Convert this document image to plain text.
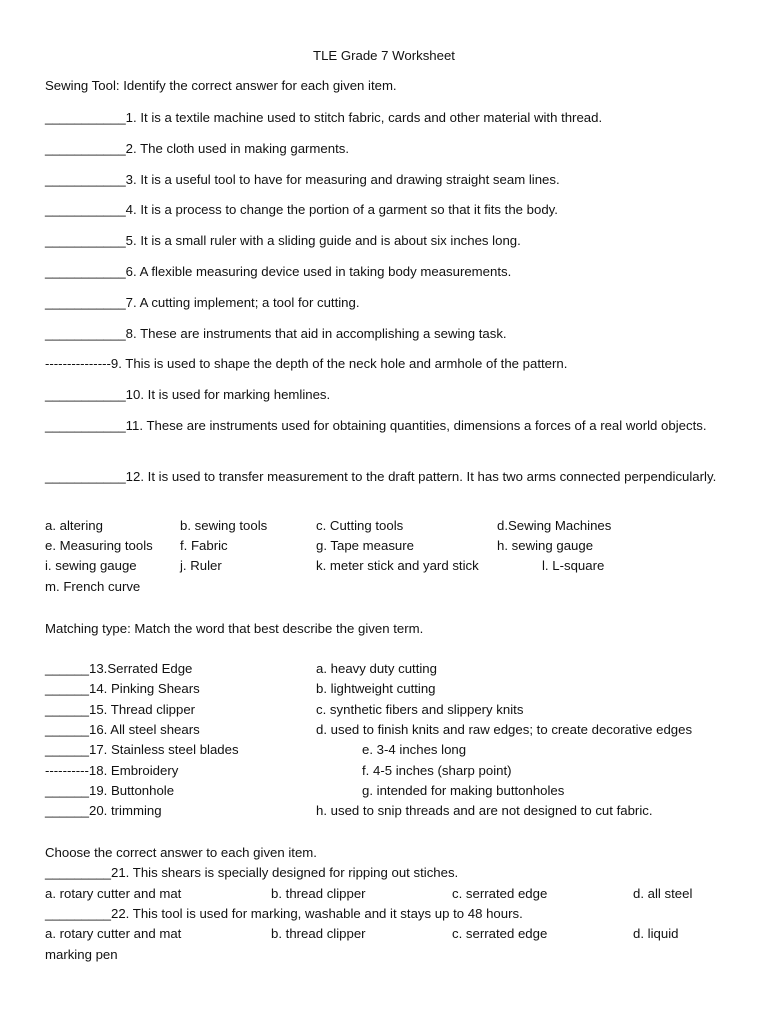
TLE Grade 7 Worksheet
Sewing Tool: Identify the correct answer for each given item.
___________1. It is a textile machine used to stitch fabric, cards and other material with thread.
___________2. The cloth used in making garments.
___________3. It is a useful tool to have for measuring and drawing straight seam lines.
___________4. It is a process to change the portion of a garment so that it fits the body.
___________5. It is a small ruler with a sliding guide and is about six inches long.
___________6. A flexible measuring device used in taking body measurements.
___________7. A cutting implement; a tool for cutting.
___________8. These are instruments that aid in accomplishing a sewing task.
---------------9. This is used to shape the depth of the neck hole and armhole of the pattern.
___________10. It is used for marking hemlines.
___________11. These are instruments used for obtaining quantities, dimensions a forces of a real world objects.
___________12. It is used to transfer measurement to the draft pattern. It has two arms connected perpendicularly.
a. altering	b. sewing tools	c. Cutting tools	d.Sewing Machines
e. Measuring tools f. Fabric	g. Tape measure	h. sewing gauge
i. sewing gauge	j. Ruler	k. meter stick and yard stick	l. L-square
m. French curve
Matching type: Match the word that best describe the given term.
______13.Serrated Edge	a. heavy duty cutting
______14. Pinking Shears	b. lightweight cutting
______15. Thread clipper	c. synthetic fibers and slippery knits
______16. All steel shears	d. used to finish knits and raw edges; to create decorative edges
______17. Stainless steel blades	e. 3-4 inches long
----------18. Embroidery	f. 4-5 inches (sharp point)
______19. Buttonhole	g. intended for making buttonholes
______20. trimming	h. used to snip threads and are not designed to cut fabric.
Choose the correct answer to each given item.
_________21. This shears is specially designed for ripping out stiches.
a. rotary cutter and mat	b. thread clipper	c. serrated edge	d. all steel
_________22. This tool is used for marking, washable and it stays up to 48 hours.
a. rotary cutter and mat	b. thread clipper	c. serrated edge	d. liquid
marking pen
